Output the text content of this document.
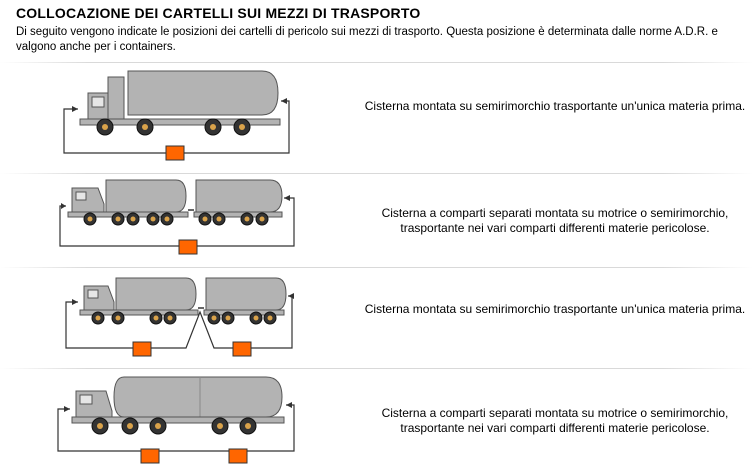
COLLOCAZIONE DEI CARTELLI SUI MEZZI DI TRASPORTO
Di seguito vengono indicate le posizioni dei cartelli di pericolo sui mezzi di trasporto. Questa posizione è determinata dalle norme A.D.R. e valgono anche per i containers.
Cisterna montata su semirimorchio trasportante un'unica materia prima.
Cisterna a comparti separati montata su motrice o semirimorchio, trasportante nei vari comparti differenti materie pericolose.
Cisterna montata su semirimorchio trasportante un'unica materia prima.
Cisterna a comparti separati montata su motrice o semirimorchio, trasportante nei vari comparti differenti materie pericolose.
